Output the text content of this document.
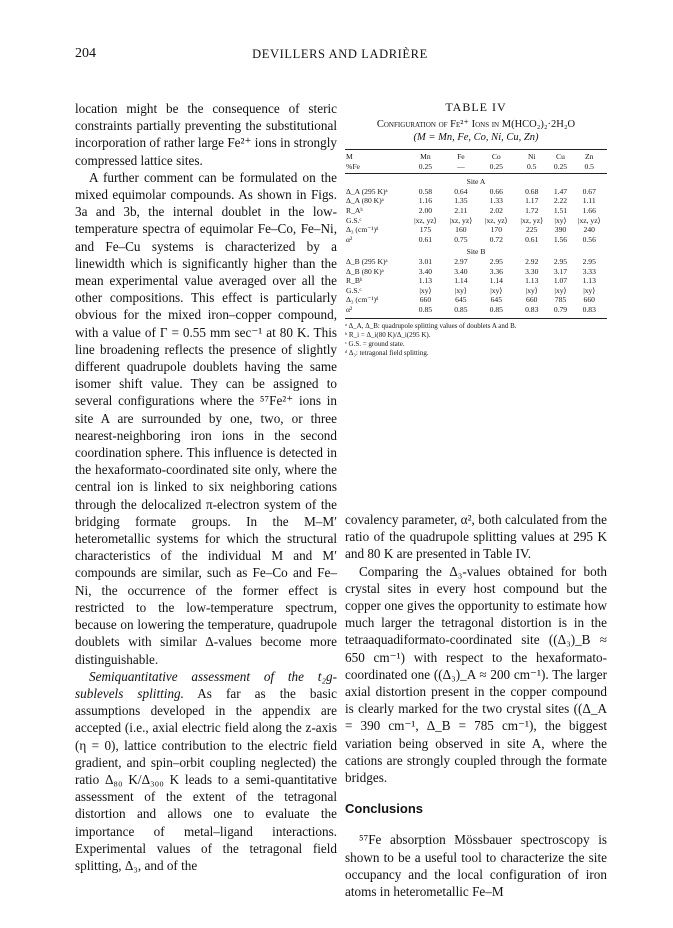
204	DEVILLERS AND LADRIÈRE

location might be the consequence of steric constraints partially preventing the substitutional incorporation of rather large Fe²⁺ ions in strongly compressed lattice sites.

A further comment can be formulated on the mixed equimolar compounds. As shown in Figs. 3a and 3b, the internal doublet in the low-temperature spectra of equimolar Fe–Co, Fe–Ni, and Fe–Cu systems is characterized by a linewidth which is significantly higher than the mean experimental value averaged over all the other compositions. This effect is particularly obvious for the mixed iron–copper compound, with a value of Γ = 0.55 mm sec⁻¹ at 80 K. This line broadening reflects the presence of slightly different quadrupole doublets having the same isomer shift value. They can be assigned to several configurations where the ⁵⁷Fe²⁺ ions in site A are surrounded by one, two, or three nearest-neighboring iron ions in the second coordination sphere. This influence is detected in the hexaformato-coordinated site only, where the central ion is linked to six neighboring cations through the delocalized π-electron system of the bridging formate groups. In the M–M′ heterometallic systems for which the structural characteristics of the individual M and M′ compounds are similar, such as Fe–Co and Fe–Ni, the occurrence of the former effect is restricted to the low-temperature spectrum, because on lowering the temperature, quadrupole doublets with similar Δ-values become more distinguishable.

Semiquantitative assessment of the t₂g-sublevels splitting. As far as the basic assumptions developed in the appendix are accepted (i.e., axial electric field along the z-axis (η = 0), lattice contribution to the electric field gradient, and spin–orbit coupling neglected) the ratio Δ₈₀ K/Δ₃₀₀ K leads to a semi-quantitative assessment of the extent of the tetragonal distortion and allows one to evaluate the importance of metal–ligand interactions. Experimental values of the tetragonal field splitting, Δ₃, and of the

TABLE IV
Configuration of Fe²⁺ Ions in M(HCO₂)₂·2H₂O
(M = Mn, Fe, Co, Ni, Cu, Zn)
M	Mn	Fe	Co	Ni	Cu	Zn
%Fe	0.25	—	0.25	0.5	0.25	0.5
Site A						
Δ_A (295 K)ᵃ	0.58	0.64	0.66	0.68	1.47	0.67
Δ_A (80 K)ᵃ	1.16	1.35	1.33	1.17	2.22	1.11
R_Aᵇ	2.00	2.11	2.02	1.72	1.51	1.66
G.S.ᶜ	|xz, yz⟩	|xz, yz⟩	|xz, yz⟩	|xz, yz⟩	|xy⟩	|xz, yz⟩
Δ₃ (cm⁻¹)ᵈ	175	160	170	225	390	240
α²	0.61	0.75	0.72	0.61	1.56	0.56
Site B						
Δ_B (295 K)ᵃ	3.01	2.97	2.95	2.92	2.95	2.95
Δ_B (80 K)ᵃ	3.40	3.40	3.36	3.30	3.17	3.33
R_Bᵇ	1.13	1.14	1.14	1.13	1.07	1.13
G.S.ᶜ	|xy⟩	|xy⟩	|xy⟩	|xy⟩	|xy⟩	|xy⟩
Δ₃ (cm⁻¹)ᵈ	660	645	645	660	785	660
α²	0.85	0.85	0.85	0.83	0.79	0.83
ᵃ Δ_A, Δ_B: quadrupole splitting values of doublets A and B.
ᵇ R_i = Δ_i(80 K)/Δ_i(295 K).
ᶜ G.S. = ground state.
ᵈ Δ₃: tetragonal field splitting.

covalency parameter, α², both calculated from the ratio of the quadrupole splitting values at 295 K and 80 K are presented in Table IV.

Comparing the Δ₃-values obtained for both crystal sites in every host compound but the copper one gives the opportunity to estimate how much larger the tetragonal distortion is in the tetraaquadiformato-coordinated site ((Δ₃)_B ≈ 650 cm⁻¹) with respect to the hexaformato-coordinated one ((Δ₃)_A ≈ 200 cm⁻¹). The larger axial distortion present in the copper compound is clearly marked for the two crystal sites ((Δ_A = 390 cm⁻¹, Δ_B = 785 cm⁻¹), the biggest variation being observed in site A, where the cations are strongly coupled through the formate bridges.

Conclusions

⁵⁷Fe absorption Mössbauer spectroscopy is shown to be a useful tool to characterize the site occupancy and the local configuration of iron atoms in heterometallic Fe–M
